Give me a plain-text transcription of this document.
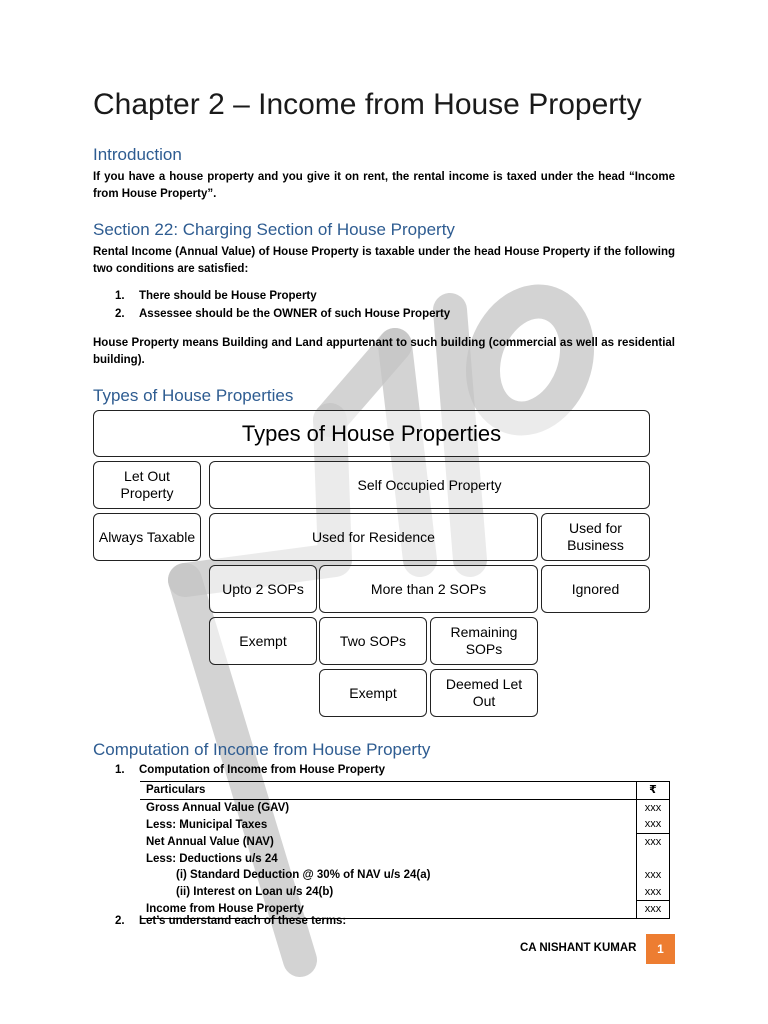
Chapter 2 – Income from House Property
Introduction
If you have a house property and you give it on rent, the rental income is taxed under the head “Income from House Property”.
Section 22: Charging Section of House Property
Rental Income (Annual Value) of House Property is taxable under the head House Property if the following two conditions are satisfied:
1. There should be House Property
2. Assessee should be the OWNER of such House Property
House Property means Building and Land appurtenant to such building (commercial as well as residential building).
Types of House Properties
Types of House Properties
Let Out Property
Self Occupied Property
Always Taxable	Used for Residence
Used for Business
Upto 2 SOPs	More than 2 SOPs	Ignored
Exempt	Two SOPs
Remaining SOPs
Exempt
Deemed Let Out
Computation of Income from House Property
1. Computation of Income from House Property
Particulars	₹
Gross Annual Value (GAV)	xxx
Less: Municipal Taxes	xxx
Net Annual Value (NAV)	xxx
Less: Deductions u/s 24	
(i) Standard Deduction @ 30% of NAV u/s 24(a)	xxx
(ii) Interest on Loan u/s 24(b)	xxx
Income from House Property	xxx
2. Let’s understand each of these terms:
CA NISHANT KUMAR	1
